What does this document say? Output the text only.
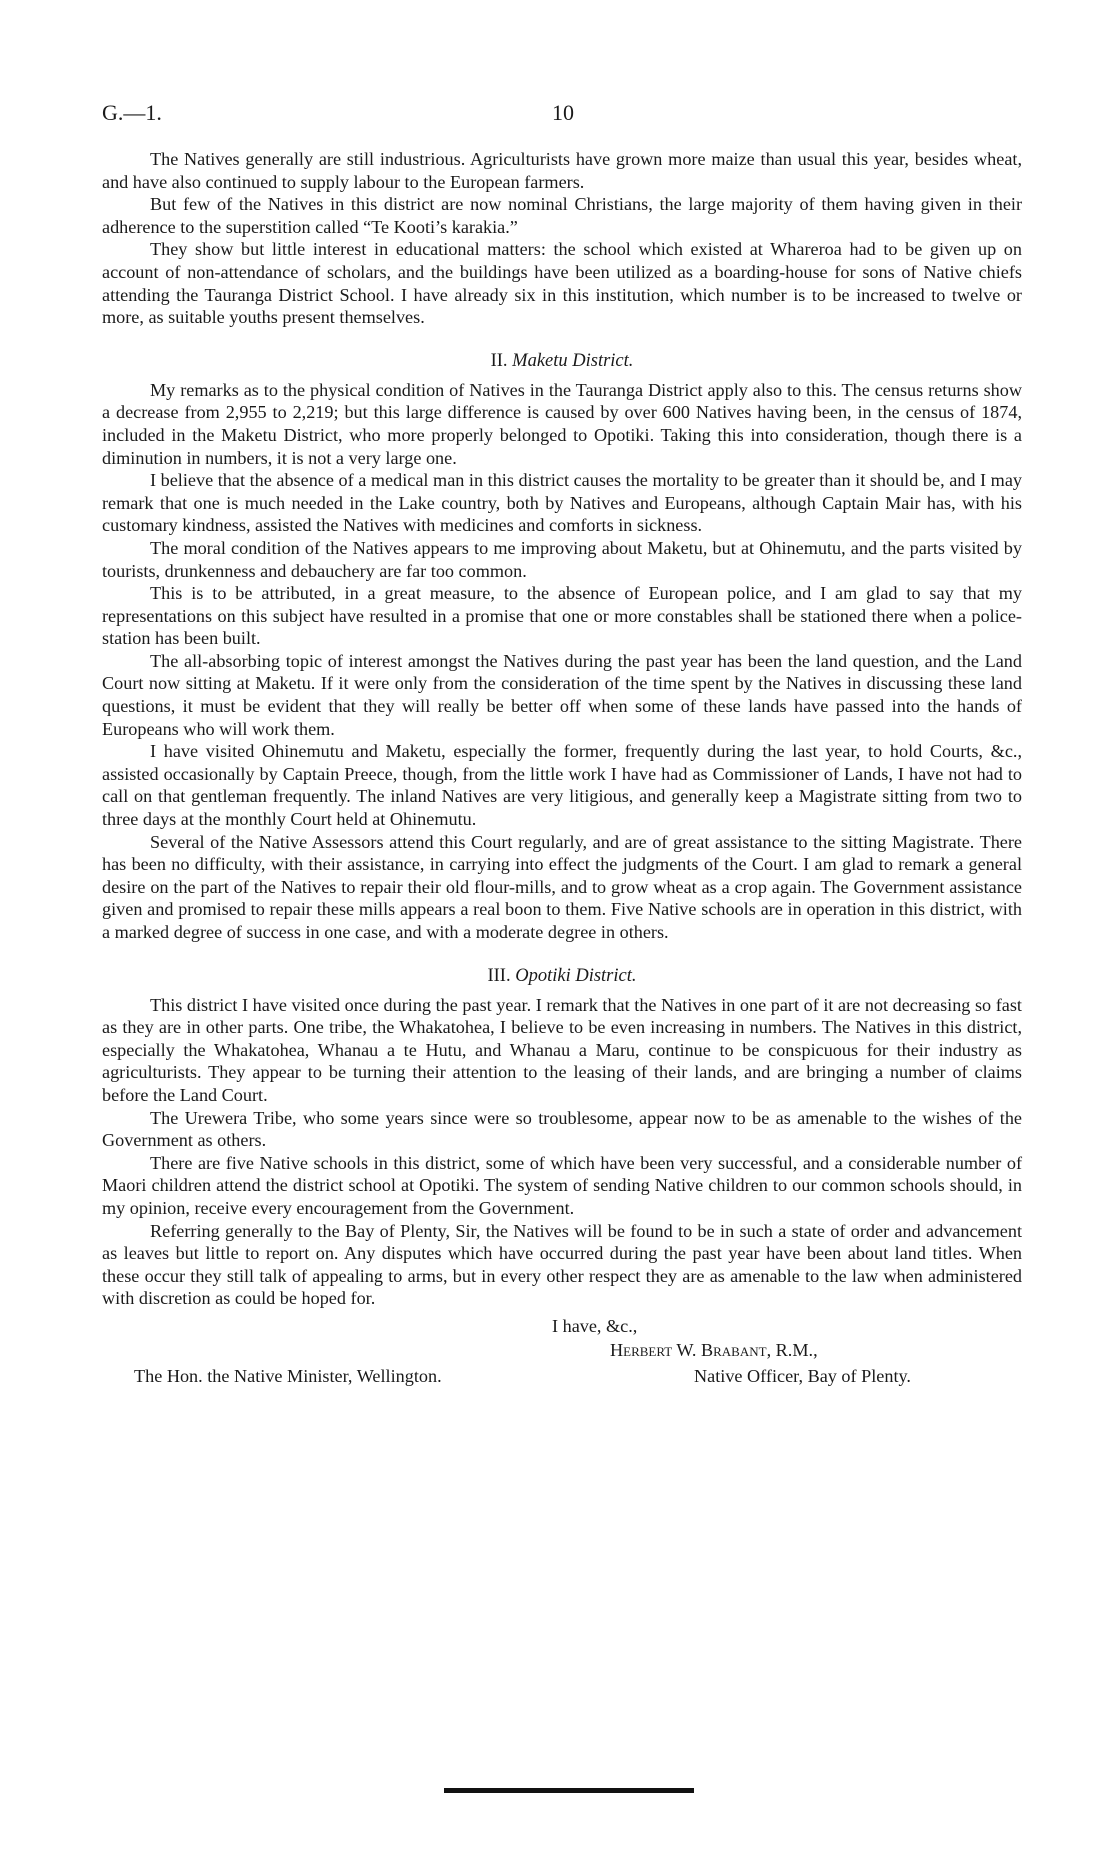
G.—1.	10

The Natives generally are still industrious. Agriculturists have grown more maize than usual this year, besides wheat, and have also continued to supply labour to the European farmers.

But few of the Natives in this district are now nominal Christians, the large majority of them having given in their adherence to the superstition called “Te Kooti’s karakia.”

They show but little interest in educational matters: the school which existed at Whareroa had to be given up on account of non-attendance of scholars, and the buildings have been utilized as a boarding-house for sons of Native chiefs attending the Tauranga District School. I have already six in this institution, which number is to be increased to twelve or more, as suitable youths present themselves.

II. Maketu District.

My remarks as to the physical condition of Natives in the Tauranga District apply also to this. The census returns show a decrease from 2,955 to 2,219; but this large difference is caused by over 600 Natives having been, in the census of 1874, included in the Maketu District, who more properly belonged to Opotiki. Taking this into consideration, though there is a diminution in numbers, it is not a very large one.

I believe that the absence of a medical man in this district causes the mortality to be greater than it should be, and I may remark that one is much needed in the Lake country, both by Natives and Europeans, although Captain Mair has, with his customary kindness, assisted the Natives with medicines and comforts in sickness.

The moral condition of the Natives appears to me improving about Maketu, but at Ohinemutu, and the parts visited by tourists, drunkenness and debauchery are far too common.

This is to be attributed, in a great measure, to the absence of European police, and I am glad to say that my representations on this subject have resulted in a promise that one or more constables shall be stationed there when a police-station has been built.

The all-absorbing topic of interest amongst the Natives during the past year has been the land question, and the Land Court now sitting at Maketu. If it were only from the consideration of the time spent by the Natives in discussing these land questions, it must be evident that they will really be better off when some of these lands have passed into the hands of Europeans who will work them.

I have visited Ohinemutu and Maketu, especially the former, frequently during the last year, to hold Courts, &c., assisted occasionally by Captain Preece, though, from the little work I have had as Commissioner of Lands, I have not had to call on that gentleman frequently. The inland Natives are very litigious, and generally keep a Magistrate sitting from two to three days at the monthly Court held at Ohinemutu.

Several of the Native Assessors attend this Court regularly, and are of great assistance to the sitting Magistrate. There has been no difficulty, with their assistance, in carrying into effect the judgments of the Court. I am glad to remark a general desire on the part of the Natives to repair their old flour-mills, and to grow wheat as a crop again. The Government assistance given and promised to repair these mills appears a real boon to them. Five Native schools are in operation in this district, with a marked degree of success in one case, and with a moderate degree in others.

III. Opotiki District.

This district I have visited once during the past year. I remark that the Natives in one part of it are not decreasing so fast as they are in other parts. One tribe, the Whakatohea, I believe to be even increasing in numbers. The Natives in this district, especially the Whakatohea, Whanau a te Hutu, and Whanau a Maru, continue to be conspicuous for their industry as agriculturists. They appear to be turning their attention to the leasing of their lands, and are bringing a number of claims before the Land Court.

The Urewera Tribe, who some years since were so troublesome, appear now to be as amenable to the wishes of the Government as others.

There are five Native schools in this district, some of which have been very successful, and a considerable number of Maori children attend the district school at Opotiki. The system of sending Native children to our common schools should, in my opinion, receive every encouragement from the Government.

Referring generally to the Bay of Plenty, Sir, the Natives will be found to be in such a state of order and advancement as leaves but little to report on. Any disputes which have occurred during the past year have been about land titles. When these occur they still talk of appealing to arms, but in every other respect they are as amenable to the law when administered with discretion as could be hoped for.

I have, &c.,
Herbert W. Brabant, R.M.,
The Hon. the Native Minister, Wellington.	Native Officer, Bay of Plenty.
